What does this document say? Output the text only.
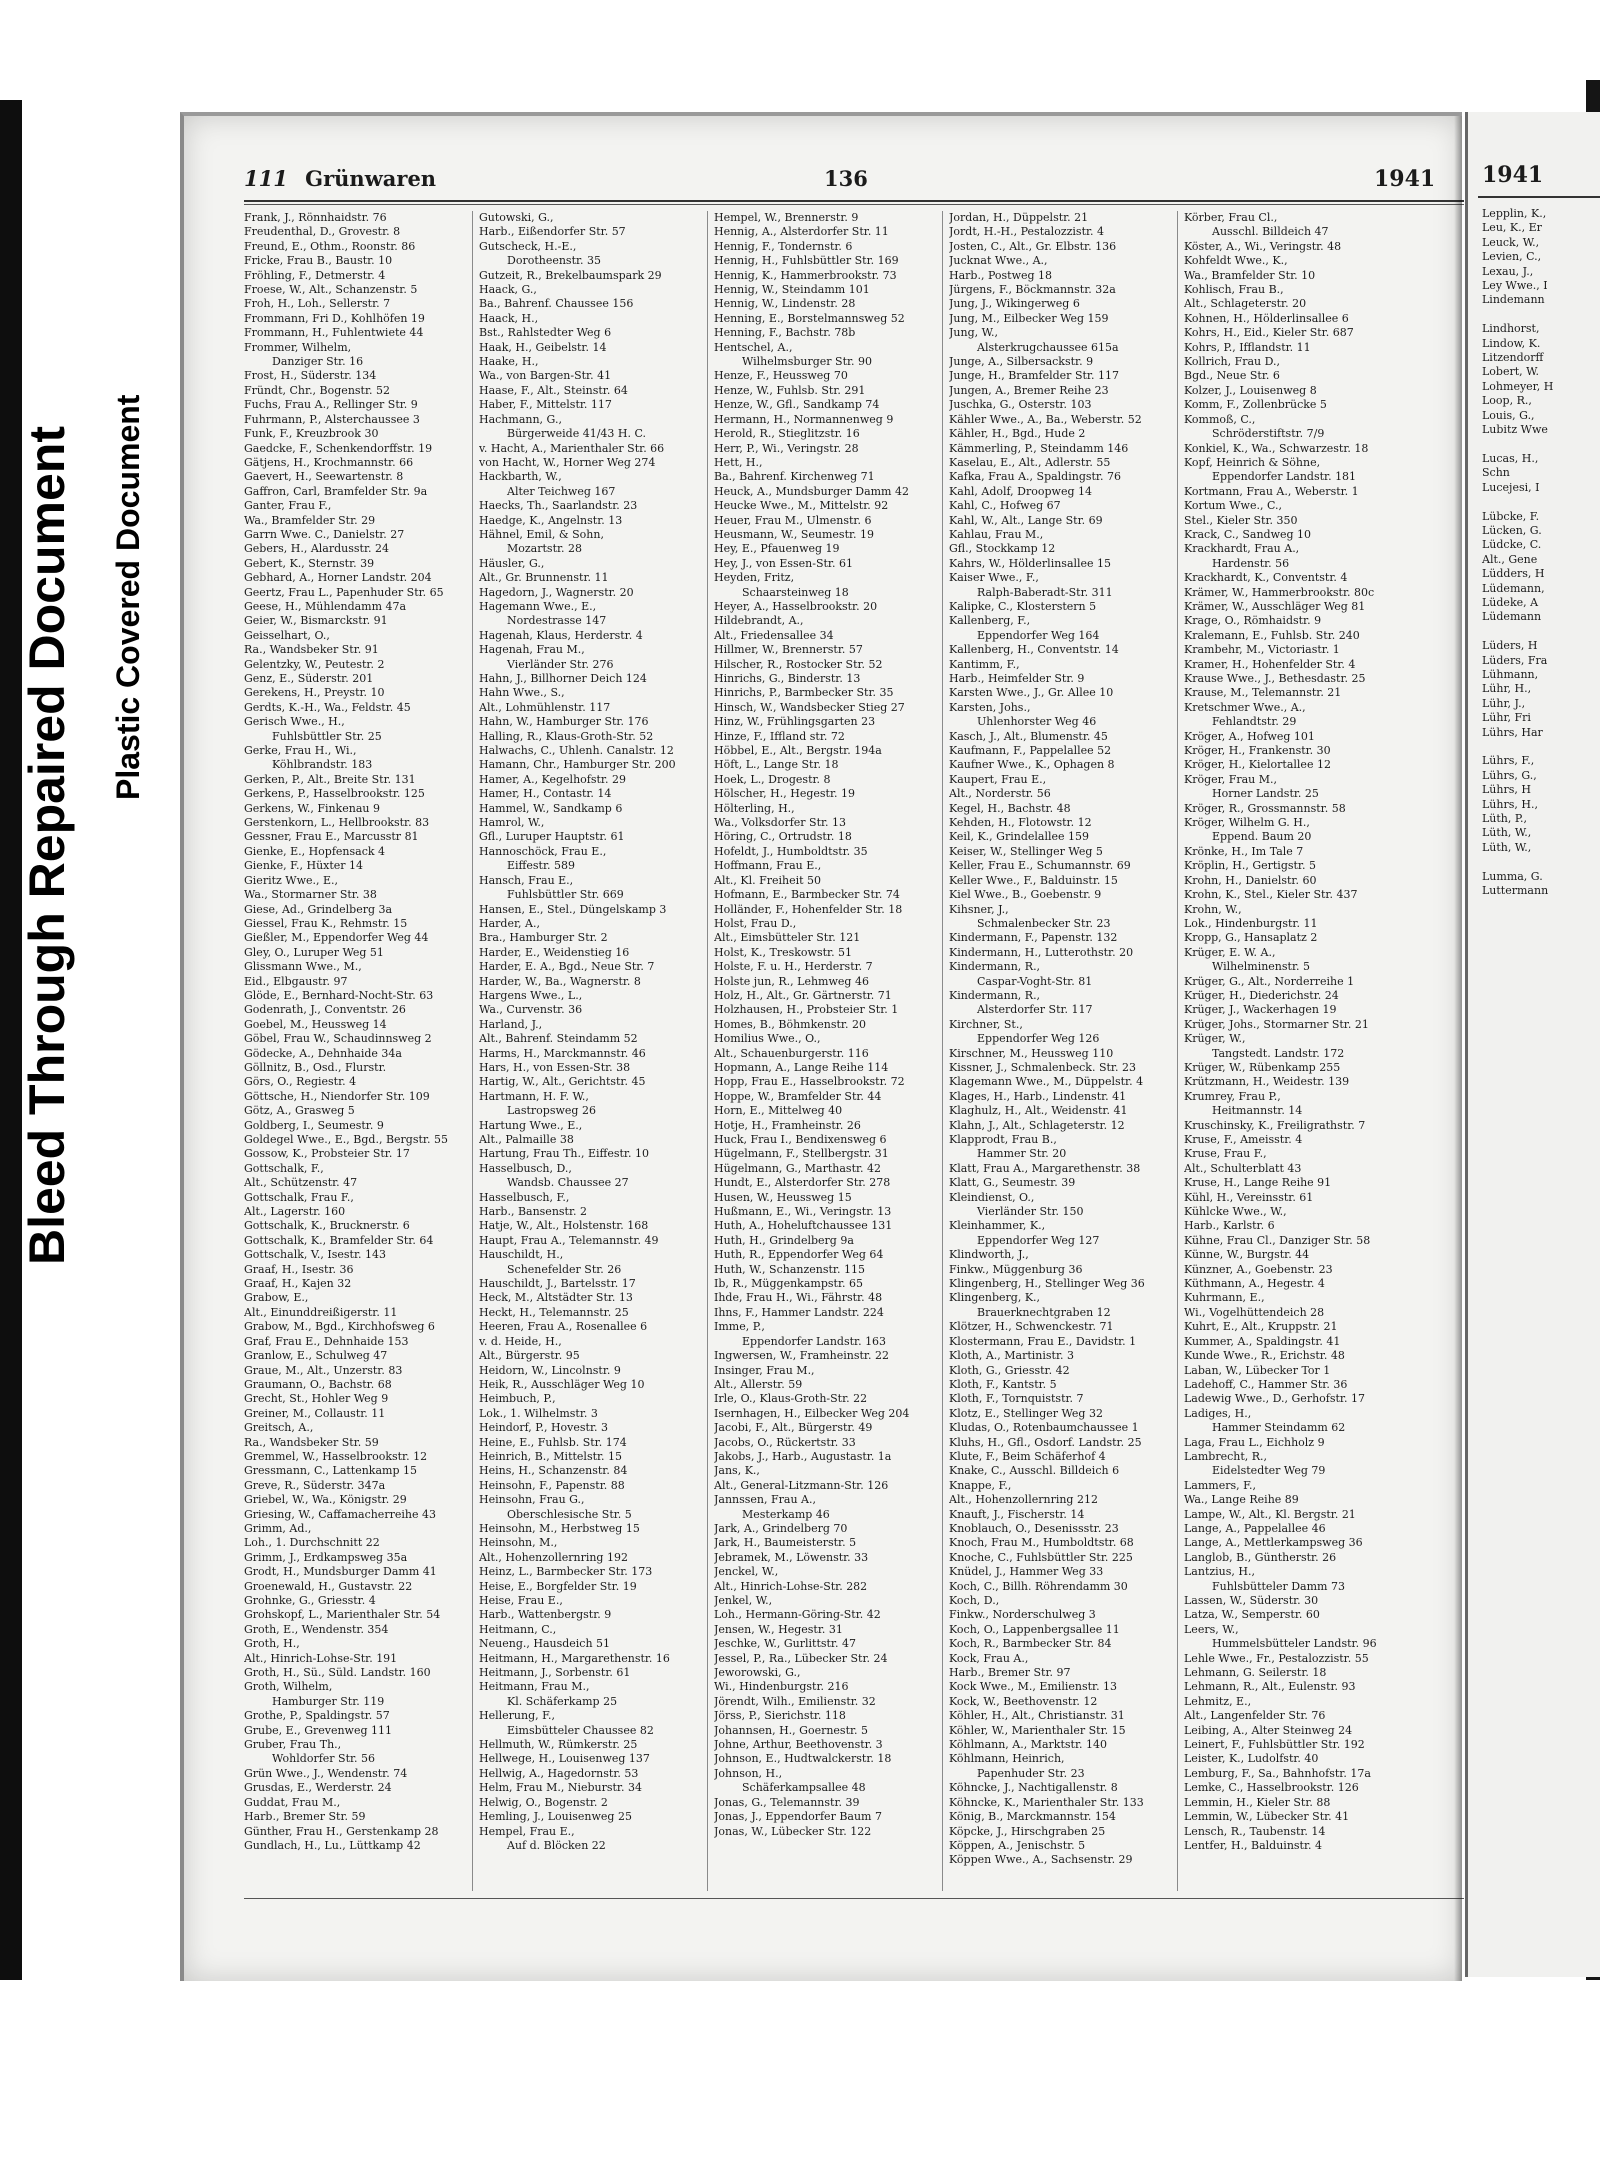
Bleed Through Repaired Document Plastic Covered Document
111 Grünwaren	136	1941

Frank, J., Rönnhaidstr. 76

Freudenthal, D., Grovestr. 8

Freund, E., Othm., Roonstr. 86

Fricke, Frau B., Baustr. 10

Fröhling, F., Detmerstr. 4

Froese, W., Alt., Schanzenstr. 5

Froh, H., Loh., Sellerstr. 7

Frommann, Fri D., Kohlhöfen 19

Frommann, H., Fuhlentwiete 44

Frommer, Wilhelm,

Danziger Str. 16

Frost, H., Süderstr. 134

Fründt, Chr., Bogenstr. 52

Fuchs, Frau A., Rellinger Str. 9

Fuhrmann, P., Alsterchaussee 3

Funk, F., Kreuzbrook 30

Gaedcke, F., Schenkendorffstr. 19

Gätjens, H., Krochmannstr. 66

Gaevert, H., Seewartenstr. 8

Gaffron, Carl, Bramfelder Str. 9a

Ganter, Frau F.,

Wa., Bramfelder Str. 29

Garrn Wwe. C., Danielstr. 27

Gebers, H., Alardusstr. 24

Gebert, K., Sternstr. 39

Gebhard, A., Horner Landstr. 204

Geertz, Frau L., Papenhuder Str. 65

Geese, H., Mühlendamm 47a

Geier, W., Bismarckstr. 91

Geisselhart, O.,

Ra., Wandsbeker Str. 91

Gelentzky, W., Peutestr. 2

Genz, E., Süderstr. 201

Gerekens, H., Preystr. 10

Gerdts, K.-H., Wa., Feldstr. 45

Gerisch Wwe., H.,

Fuhlsbüttler Str. 25

Gerke, Frau H., Wi.,

Köhlbrandstr. 183

Gerken, P., Alt., Breite Str. 131

Gerkens, P., Hasselbrookstr. 125

Gerkens, W., Finkenau 9

Gerstenkorn, L., Hellbrookstr. 83

Gessner, Frau E., Marcusstr 81

Gienke, E., Hopfensack 4

Gienke, F., Hüxter 14

Gieritz Wwe., E.,

Wa., Stormarner Str. 38

Giese, Ad., Grindelberg 3a

Giessel, Frau K., Rehmstr. 15

Gießler, M., Eppendorfer Weg 44

Gley, O., Luruper Weg 51

Glissmann Wwe., M.,

Eid., Elbgaustr. 97

Glöde, E., Bernhard-Nocht-Str. 63

Godenrath, J., Conventstr. 26

Goebel, M., Heussweg 14

Göbel, Frau W., Schaudinnsweg 2

Gödecke, A., Dehnhaide 34a

Göllnitz, B., Osd., Flurstr.

Görs, O., Regiestr. 4

Göttsche, H., Niendorfer Str. 109

Götz, A., Grasweg 5

Goldberg, I., Seumestr. 9

Goldegel Wwe., E., Bgd., Bergstr. 55

Gossow, K., Probsteier Str. 17

Gottschalk, F.,

Alt., Schützenstr. 47

Gottschalk, Frau F.,

Alt., Lagerstr. 160

Gottschalk, K., Brucknerstr. 6

Gottschalk, K., Bramfelder Str. 64

Gottschalk, V., Isestr. 143

Graaf, H., Isestr. 36

Graaf, H., Kajen 32

Grabow, E.,

Alt., Einunddreißigerstr. 11

Grabow, M., Bgd., Kirchhofsweg 6

Graf, Frau E., Dehnhaide 153

Granlow, E., Schulweg 47

Graue, M., Alt., Unzerstr. 83

Graumann, O., Bachstr. 68

Grecht, St., Hohler Weg 9

Greiner, M., Collaustr. 11

Greitsch, A.,

Ra., Wandsbeker Str. 59

Gremmel, W., Hasselbrookstr. 12

Gressmann, C., Lattenkamp 15

Greve, R., Süderstr. 347a

Griebel, W., Wa., Königstr. 29

Griesing, W., Caffamacherreihe 43

Grimm, Ad.,

Loh., 1. Durchschnitt 22

Grimm, J., Erdkampsweg 35a

Grodt, H., Mundsburger Damm 41

Groenewald, H., Gustavstr. 22

Grohnke, G., Griesstr. 4

Grohskopf, L., Marienthaler Str. 54

Groth, E., Wendenstr. 354

Groth, H.,

Alt., Hinrich-Lohse-Str. 191

Groth, H., Sü., Süld. Landstr. 160

Groth, Wilhelm,

Hamburger Str. 119

Grothe, P., Spaldingstr. 57

Grube, E., Grevenweg 111

Gruber, Frau Th.,

Wohldorfer Str. 56

Grün Wwe., J., Wendenstr. 74

Grusdas, E., Werderstr. 24

Guddat, Frau M.,

Harb., Bremer Str. 59

Günther, Frau H., Gerstenkamp 28

Gundlach, H., Lu., Lüttkamp 42

Gutowski, G.,

Harb., Eißendorfer Str. 57

Gutscheck, H.-E.,

Dorotheenstr. 35

Gutzeit, R., Brekelbaumspark 29

Haack, G.,

Ba., Bahrenf. Chaussee 156

Haack, H.,

Bst., Rahlstedter Weg 6

Haak, H., Geibelstr. 14

Haake, H.,

Wa., von Bargen-Str. 41

Haase, F., Alt., Steinstr. 64

Haber, F., Mittelstr. 117

Hachmann, G.,

Bürgerweide 41/43 H. C.

v. Hacht, A., Marienthaler Str. 66

von Hacht, W., Horner Weg 274

Hackbarth, W.,

Alter Teichweg 167

Haecks, Th., Saarlandstr. 23

Haedge, K., Angelnstr. 13

Hähnel, Emil, & Sohn,

Mozartstr. 28

Häusler, G.,

Alt., Gr. Brunnenstr. 11

Hagedorn, J., Wagnerstr. 20

Hagemann Wwe., E.,

Nordestrasse 147

Hagenah, Klaus, Herderstr. 4

Hagenah, Frau M.,

Vierländer Str. 276

Hahn, J., Billhorner Deich 124

Hahn Wwe., S.,

Alt., Lohmühlenstr. 117

Hahn, W., Hamburger Str. 176

Halling, R., Klaus-Groth-Str. 52

Halwachs, C., Uhlenh. Canalstr. 12

Hamann, Chr., Hamburger Str. 200

Hamer, A., Kegelhofstr. 29

Hamer, H., Contastr. 14

Hammel, W., Sandkamp 6

Hamrol, W.,

Gfl., Luruper Hauptstr. 61

Hannoschöck, Frau E.,

Eiffestr. 589

Hansch, Frau E.,

Fuhlsbüttler Str. 669

Hansen, E., Stel., Düngelskamp 3

Harder, A.,

Bra., Hamburger Str. 2

Harder, E., Weidenstieg 16

Harder, E. A., Bgd., Neue Str. 7

Harder, W., Ba., Wagnerstr. 8

Hargens Wwe., L.,

Wa., Curvenstr. 36

Harland, J.,

Alt., Bahrenf. Steindamm 52

Harms, H., Marckmannstr. 46

Hars, H., von Essen-Str. 38

Hartig, W., Alt., Gerichtstr. 45

Hartmann, H. F. W.,

Lastropsweg 26

Hartung Wwe., E.,

Alt., Palmaille 38

Hartung, Frau Th., Eiffestr. 10

Hasselbusch, D.,

Wandsb. Chaussee 27

Hasselbusch, F.,

Harb., Bansenstr. 2

Hatje, W., Alt., Holstenstr. 168

Haupt, Frau A., Telemannstr. 49

Hauschildt, H.,

Schenefelder Str. 26

Hauschildt, J., Bartelsstr. 17

Heck, M., Altstädter Str. 13

Heckt, H., Telemannstr. 25

Heeren, Frau A., Rosenallee 6

v. d. Heide, H.,

Alt., Bürgerstr. 95

Heidorn, W., Lincolnstr. 9

Heik, R., Ausschläger Weg 10

Heimbuch, P.,

Lok., 1. Wilhelmstr. 3

Heindorf, P., Hovestr. 3

Heine, E., Fuhlsb. Str. 174

Heinrich, B., Mittelstr. 15

Heins, H., Schanzenstr. 84

Heinsohn, F., Papenstr. 88

Heinsohn, Frau G.,

Oberschlesische Str. 5

Heinsohn, M., Herbstweg 15

Heinsohn, M.,

Alt., Hohenzollernring 192

Heinz, L., Barmbecker Str. 173

Heise, E., Borgfelder Str. 19

Heise, Frau E.,

Harb., Wattenbergstr. 9

Heitmann, C.,

Neueng., Hausdeich 51

Heitmann, H., Margarethenstr. 16

Heitmann, J., Sorbenstr. 61

Heitmann, Frau M.,

Kl. Schäferkamp 25

Hellerung, F.,

Eimsbütteler Chaussee 82

Hellmuth, W., Rümkerstr. 25

Hellwege, H., Louisenweg 137

Hellwig, A., Hagedornstr. 53

Helm, Frau M., Nieburstr. 34

Helwig, O., Bogenstr. 2

Hemling, J., Louisenweg 25

Hempel, Frau E.,

Auf d. Blöcken 22

Hempel, W., Brennerstr. 9

Hennig, A., Alsterdorfer Str. 11

Hennig, F., Tondernstr. 6

Hennig, H., Fuhlsbüttler Str. 169

Hennig, K., Hammerbrookstr. 73

Hennig, W., Steindamm 101

Hennig, W., Lindenstr. 28

Henning, E., Borstelmannsweg 52

Henning, F., Bachstr. 78b

Hentschel, A.,

Wilhelmsburger Str. 90

Henze, F., Heussweg 70

Henze, W., Fuhlsb. Str. 291

Henze, W., Gfl., Sandkamp 74

Hermann, H., Normannenweg 9

Herold, R., Stieglitzstr. 16

Herr, P., Wi., Veringstr. 28

Hett, H.,

Ba., Bahrenf. Kirchenweg 71

Heuck, A., Mundsburger Damm 42

Heucke Wwe., M., Mittelstr. 92

Heuer, Frau M., Ulmenstr. 6

Heusmann, W., Seumestr. 19

Hey, E., Pfauenweg 19

Hey, J., von Essen-Str. 61

Heyden, Fritz,

Schaarsteinweg 18

Heyer, A., Hasselbrookstr. 20

Hildebrandt, A.,

Alt., Friedensallee 34

Hillmer, W., Brennerstr. 57

Hilscher, R., Rostocker Str. 52

Hinrichs, G., Binderstr. 13

Hinrichs, P., Barmbecker Str. 35

Hinsch, W., Wandsbecker Stieg 27

Hinz, W., Frühlingsgarten 23

Hinze, F., Iffland str. 72

Höbbel, E., Alt., Bergstr. 194a

Höft, L., Lange Str. 18

Hoek, L., Drogestr. 8

Hölscher, H., Hegestr. 19

Hölterling, H.,

Wa., Volksdorfer Str. 13

Höring, C., Ortrudstr. 18

Hofeldt, J., Humboldtstr. 35

Hoffmann, Frau E.,

Alt., Kl. Freiheit 50

Hofmann, E., Barmbecker Str. 74

Holländer, F., Hohenfelder Str. 18

Holst, Frau D.,

Alt., Eimsbütteler Str. 121

Holst, K., Treskowstr. 51

Holste, F. u. H., Herderstr. 7

Holste jun, R., Lehmweg 46

Holz, H., Alt., Gr. Gärtnerstr. 71

Holzhausen, H., Probsteier Str. 1

Homes, B., Böhmkenstr. 20

Homilius Wwe., O.,

Alt., Schauenburgerstr. 116

Hopmann, A., Lange Reihe 114

Hopp, Frau E., Hasselbrookstr. 72

Hoppe, W., Bramfelder Str. 44

Horn, E., Mittelweg 40

Hotje, H., Framheinstr. 26

Huck, Frau I., Bendixensweg 6

Hügelmann, F., Stellbergstr. 31

Hügelmann, G., Marthastr. 42

Hundt, E., Alsterdorfer Str. 278

Husen, W., Heussweg 15

Hußmann, E., Wi., Veringstr. 13

Huth, A., Hoheluftchaussee 131

Huth, H., Grindelberg 9a

Huth, R., Eppendorfer Weg 64

Huth, W., Schanzenstr. 115

Ib, R., Müggenkampstr. 65

Ihde, Frau H., Wi., Fährstr. 48

Ihns, F., Hammer Landstr. 224

Imme, P.,

Eppendorfer Landstr. 163

Ingwersen, W., Framheinstr. 22

Insinger, Frau M.,

Alt., Allerstr. 59

Irle, O., Klaus-Groth-Str. 22

Isernhagen, H., Eilbecker Weg 204

Jacobi, F., Alt., Bürgerstr. 49

Jacobs, O., Rückertstr. 33

Jakobs, J., Harb., Augustastr. 1a

Jans, K.,

Alt., General-Litzmann-Str. 126

Jannssen, Frau A.,

Mesterkamp 46

Jark, A., Grindelberg 70

Jark, H., Baumeisterstr. 5

Jebramek, M., Löwenstr. 33

Jenckel, W.,

Alt., Hinrich-Lohse-Str. 282

Jenkel, W.,

Loh., Hermann-Göring-Str. 42

Jensen, W., Hegestr. 31

Jeschke, W., Gurlittstr. 47

Jessel, P., Ra., Lübecker Str. 24

Jeworowski, G.,

Wi., Hindenburgstr. 216

Jörendt, Wilh., Emilienstr. 32

Jörss, P., Sierichstr. 118

Johannsen, H., Goernestr. 5

Johne, Arthur, Beethovenstr. 3

Johnson, E., Hudtwalckerstr. 18

Johnson, H.,

Schäferkampsallee 48

Jonas, G., Telemannstr. 39

Jonas, J., Eppendorfer Baum 7

Jonas, W., Lübecker Str. 122

Jordan, H., Düppelstr. 21

Jordt, H.-H., Pestalozzistr. 4

Josten, C., Alt., Gr. Elbstr. 136

Jucknat Wwe., A.,

Harb., Postweg 18

Jürgens, F., Böckmannstr. 32a

Jung, J., Wikingerweg 6

Jung, M., Eilbecker Weg 159

Jung, W.,

Alsterkrugchaussee 615a

Junge, A., Silbersackstr. 9

Junge, H., Bramfelder Str. 117

Jungen, A., Bremer Reihe 23

Juschka, G., Osterstr. 103

Kähler Wwe., A., Ba., Weberstr. 52

Kähler, H., Bgd., Hude 2

Kämmerling, P., Steindamm 146

Kaselau, E., Alt., Adlerstr. 55

Kafka, Frau A., Spaldingstr. 76

Kahl, Adolf, Droopweg 14

Kahl, C., Hofweg 67

Kahl, W., Alt., Lange Str. 69

Kahlau, Frau M.,

Gfl., Stockkamp 12

Kahrs, W., Hölderlinsallee 15

Kaiser Wwe., F.,

Ralph-Baberadt-Str. 311

Kalipke, C., Klosterstern 5

Kallenberg, F.,

Eppendorfer Weg 164

Kallenberg, H., Conventstr. 14

Kantimm, F.,

Harb., Heimfelder Str. 9

Karsten Wwe., J., Gr. Allee 10

Karsten, Johs.,

Uhlenhorster Weg 46

Kasch, J., Alt., Blumenstr. 45

Kaufmann, F., Pappelallee 52

Kaufner Wwe., K., Ophagen 8

Kaupert, Frau E.,

Alt., Norderstr. 56

Kegel, H., Bachstr. 48

Kehden, H., Flotowstr. 12

Keil, K., Grindelallee 159

Keiser, W., Stellinger Weg 5

Keller, Frau E., Schumannstr. 69

Keller Wwe., F., Balduinstr. 15

Kiel Wwe., B., Goebenstr. 9

Kihsner, J.,

Schmalenbecker Str. 23

Kindermann, F., Papenstr. 132

Kindermann, H., Lutterothstr. 20

Kindermann, R.,

Caspar-Voght-Str. 81

Kindermann, R.,

Alsterdorfer Str. 117

Kirchner, St.,

Eppendorfer Weg 126

Kirschner, M., Heussweg 110

Kissner, J., Schmalenbeck. Str. 23

Klagemann Wwe., M., Düppelstr. 4

Klages, H., Harb., Lindenstr. 41

Klaghulz, H., Alt., Weidenstr. 41

Klahn, J., Alt., Schlageterstr. 12

Klapprodt, Frau B.,

Hammer Str. 20

Klatt, Frau A., Margarethenstr. 38

Klatt, G., Seumestr. 39

Kleindienst, O.,

Vierländer Str. 150

Kleinhammer, K.,

Eppendorfer Weg 127

Klindworth, J.,

Finkw., Müggenburg 36

Klingenberg, H., Stellinger Weg 36

Klingenberg, K.,

Brauerknechtgraben 12

Klötzer, H., Schwenckestr. 71

Klostermann, Frau E., Davidstr. 1

Kloth, A., Martinistr. 3

Kloth, G., Griesstr. 42

Kloth, F., Kantstr. 5

Kloth, F., Tornquiststr. 7

Klotz, E., Stellinger Weg 32

Kludas, O., Rotenbaumchaussee 1

Kluhs, H., Gfl., Osdorf. Landstr. 25

Klute, F., Beim Schäferhof 4

Knake, C., Ausschl. Billdeich 6

Knappe, F.,

Alt., Hohenzollernring 212

Knauft, J., Fischerstr. 14

Knoblauch, O., Desenissstr. 23

Knoch, Frau M., Humboldtstr. 68

Knoche, C., Fuhlsbüttler Str. 225

Knüdel, J., Hammer Weg 33

Koch, C., Billh. Röhrendamm 30

Koch, D.,

Finkw., Norderschulweg 3

Koch, O., Lappenbergsallee 11

Koch, R., Barmbecker Str. 84

Kock, Frau A.,

Harb., Bremer Str. 97

Kock Wwe., M., Emilienstr. 13

Kock, W., Beethovenstr. 12

Köhler, H., Alt., Christianstr. 31

Köhler, W., Marienthaler Str. 15

Köhlmann, A., Marktstr. 140

Köhlmann, Heinrich,

Papenhuder Str. 23

Köhncke, J., Nachtigallenstr. 8

Köhncke, K., Marienthaler Str. 133

König, B., Marckmannstr. 154

Köpcke, J., Hirschgraben 25

Köppen, A., Jenischstr. 5

Köppen Wwe., A., Sachsenstr. 29

Körber, Frau Cl.,

Ausschl. Billdeich 47

Köster, A., Wi., Veringstr. 48

Kohfeldt Wwe., K.,

Wa., Bramfelder Str. 10

Kohlisch, Frau B.,

Alt., Schlageterstr. 20

Kohnen, H., Hölderlinsallee 6

Kohrs, H., Eid., Kieler Str. 687

Kohrs, P., Ifflandstr. 11

Kollrich, Frau D.,

Bgd., Neue Str. 6

Kolzer, J., Louisenweg 8

Komm, F., Zollenbrücke 5

Kommoß, C.,

Schröderstiftstr. 7/9

Konkiel, K., Wa., Schwarzestr. 18

Kopf, Heinrich & Söhne,

Eppendorfer Landstr. 181

Kortmann, Frau A., Weberstr. 1

Kortum Wwe., C.,

Stel., Kieler Str. 350

Krack, C., Sandweg 10

Krackhardt, Frau A.,

Hardenstr. 56

Krackhardt, K., Conventstr. 4

Krämer, W., Hammerbrookstr. 80c

Krämer, W., Ausschläger Weg 81

Krage, O., Römhaidstr. 9

Kralemann, E., Fuhlsb. Str. 240

Krambehr, M., Victoriastr. 1

Kramer, H., Hohenfelder Str. 4

Krause Wwe., J., Bethesdastr. 25

Krause, M., Telemannstr. 21

Kretschmer Wwe., A.,

Fehlandtstr. 29

Kröger, A., Hofweg 101

Kröger, H., Frankenstr. 30

Kröger, H., Kielortallee 12

Kröger, Frau M.,

Horner Landstr. 25

Kröger, R., Grossmannstr. 58

Kröger, Wilhelm G. H.,

Eppend. Baum 20

Krönke, H., Im Tale 7

Kröplin, H., Gertigstr. 5

Krohn, H., Danielstr. 60

Krohn, K., Stel., Kieler Str. 437

Krohn, W.,

Lok., Hindenburgstr. 11

Kropp, G., Hansaplatz 2

Krüger, E. W. A.,

Wilhelminenstr. 5

Krüger, G., Alt., Norderreihe 1

Krüger, H., Diederichstr. 24

Krüger, J., Wackerhagen 19

Krüger, Johs., Stormarner Str. 21

Krüger, W.,

Tangstedt. Landstr. 172

Krüger, W., Rübenkamp 255

Krützmann, H., Weidestr. 139

Krumrey, Frau P.,

Heitmannstr. 14

Kruschinsky, K., Freiligrathstr. 7

Kruse, F., Ameisstr. 4

Kruse, Frau F.,

Alt., Schulterblatt 43

Kruse, H., Lange Reihe 91

Kühl, H., Vereinsstr. 61

Kühlcke Wwe., W.,

Harb., Karlstr. 6

Kühne, Frau Cl., Danziger Str. 58

Künne, W., Burgstr. 44

Künzner, A., Goebenstr. 23

Küthmann, A., Hegestr. 4

Kuhrmann, E.,

Wi., Vogelhüttendeich 28

Kuhrt, E., Alt., Kruppstr. 21

Kummer, A., Spaldingstr. 41

Kunde Wwe., R., Erichstr. 48

Laban, W., Lübecker Tor 1

Ladehoff, C., Hammer Str. 36

Ladewig Wwe., D., Gerhofstr. 17

Ladiges, H.,

Hammer Steindamm 62

Laga, Frau L., Eichholz 9

Lambrecht, R.,

Eidelstedter Weg 79

Lammers, F.,

Wa., Lange Reihe 89

Lampe, W., Alt., Kl. Bergstr. 21

Lange, A., Pappelallee 46

Lange, A., Mettlerkampsweg 36

Langlob, B., Güntherstr. 26

Lantzius, H.,

Fuhlsbütteler Damm 73

Lassen, W., Süderstr. 30

Latza, W., Semperstr. 60

Leers, W.,

Hummelsbütteler Landstr. 96

Lehle Wwe., Fr., Pestalozzistr. 55

Lehmann, G. Seilerstr. 18

Lehmann, R., Alt., Eulenstr. 93

Lehmitz, E.,

Alt., Langenfelder Str. 76

Leibing, A., Alter Steinweg 24

Leinert, F., Fuhlsbüttler Str. 192

Leister, K., Ludolfstr. 40

Lemburg, F., Sa., Bahnhofstr. 17a

Lemke, C., Hasselbrookstr. 126

Lemmin, H., Kieler Str. 88

Lemmin, W., Lübecker Str. 41

Lensch, R., Taubenstr. 14

Lentfer, H., Balduinstr. 4

1941

Lepplin, K.,

Leu, K., Er

Leuck, W.,

Levien, C.,

Lexau, J.,

Ley Wwe., I

Lindemann

Lindhorst,

Lindow, K.

Litzendorff

Lobert, W.

Lohmeyer, H

Loop, R.,

Louis, G.,

Lubitz Wwe

Lucas, H.,

Schn

Lucejesi, I

Lübcke, F.

Lücken, G.

Lüdcke, C.

Alt., Gene

Lüdders, H

Lüdemann,

Lüdeke, A

Lüdemann

Lüders, H

Lüders, Fra

Lühmann,

Lühr, H.,

Lühr, J.,

Lühr, Fri

Lührs, Har

Lührs, F.,

Lührs, G.,

Lührs, H

Lührs, H.,

Lüth, P.,

Lüth, W.,

Lüth, W.,

Lumma, G.

Luttermann
